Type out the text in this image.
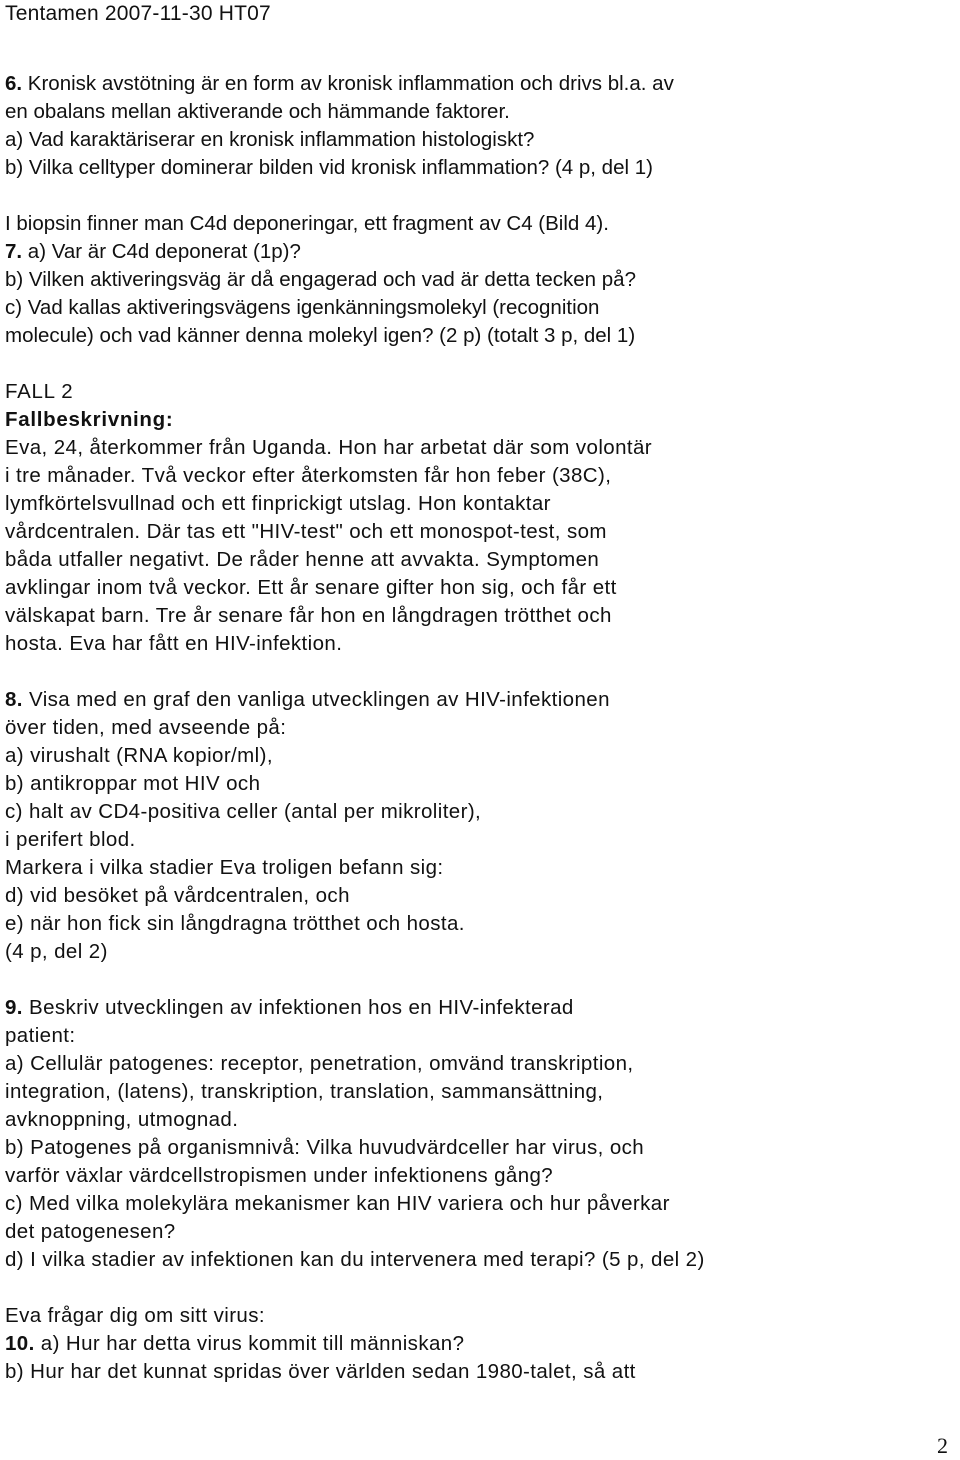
Tentamen 2007-11-30 HT07
6. Kronisk avstötning är en form av kronisk inflammation och drivs bl.a. av
en obalans mellan aktiverande och hämmande faktorer.
a) Vad karaktäriserar en kronisk inflammation histologiskt?
b) Vilka celltyper dominerar bilden vid kronisk inflammation? (4 p, del 1)
I biopsin finner man C4d deponeringar, ett fragment av C4 (Bild 4).
7. a) Var är C4d deponerat (1p)?
b) Vilken aktiveringsväg är då engagerad och vad är detta tecken på?
c) Vad kallas aktiveringsvägens igenkänningsmolekyl (recognition
molecule) och vad känner denna molekyl igen? (2 p) (totalt 3 p, del 1)
FALL 2
Fallbeskrivning:
Eva, 24, återkommer från Uganda. Hon har arbetat där som volontär
i tre månader. Två veckor efter återkomsten får hon feber (38C),
lymfkörtelsvullnad och ett finprickigt utslag. Hon kontaktar
vårdcentralen. Där tas ett "HIV-test" och ett monospot-test, som
båda utfaller negativt. De råder henne att avvakta. Symptomen
avklingar inom två veckor. Ett år senare gifter hon sig, och får ett
välskapat barn. Tre år senare får hon en långdragen trötthet och
hosta. Eva har fått en HIV-infektion.
8. Visa med en graf den vanliga utvecklingen av HIV-infektionen
över tiden, med avseende på:
a) virushalt (RNA kopior/ml),
b) antikroppar mot HIV och
c) halt av CD4-positiva celler (antal per mikroliter),
i perifert blod.
Markera i vilka stadier Eva troligen befann sig:
d) vid besöket på vårdcentralen, och
e) när hon fick sin långdragna trötthet och hosta.
(4 p, del 2)
9. Beskriv utvecklingen av infektionen hos en HIV-infekterad
patient:
a) Cellulär patogenes: receptor, penetration, omvänd transkription,
integration, (latens), transkription, translation, sammansättning,
avknoppning, utmognad.
b) Patogenes på organismnivå: Vilka huvudvärdceller har virus, och
varför växlar värdcellstropismen under infektionens gång?
c) Med vilka molekylära mekanismer kan HIV variera och hur påverkar
det patogenesen?
d) I vilka stadier av infektionen kan du intervenera med terapi? (5 p, del 2)
Eva frågar dig om sitt virus:
10. a) Hur har detta virus kommit till människan?
b) Hur har det kunnat spridas över världen sedan 1980-talet, så att
2
